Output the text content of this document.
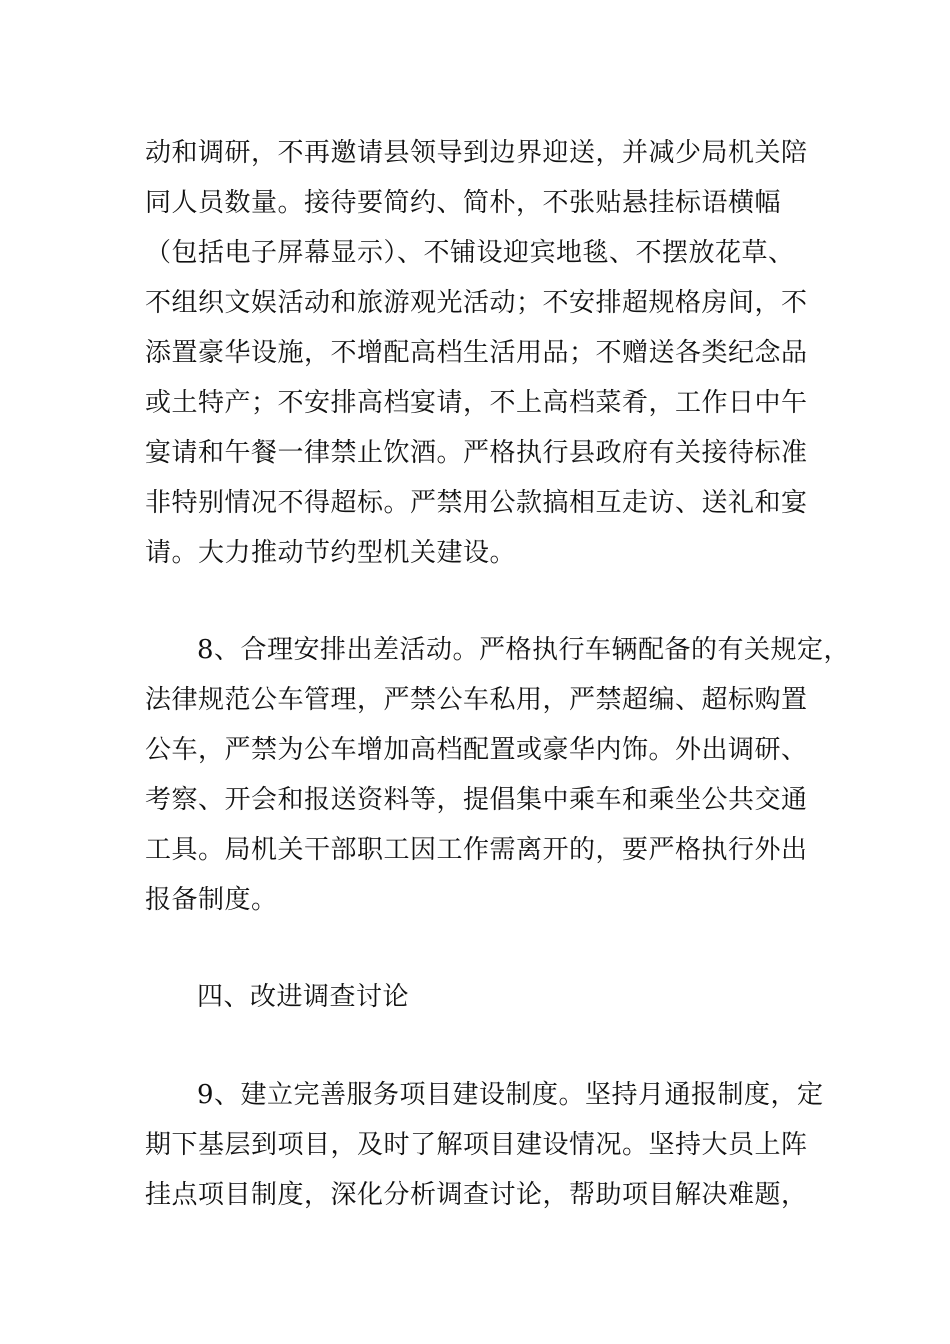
动和调研，不再邀请县领导到边界迎送，并减少局机关陪
同人员数量。接待要简约、简朴，不张贴悬挂标语横幅
（包括电子屏幕显示）、不铺设迎宾地毯、不摆放花草、
不组织文娱活动和旅游观光活动；不安排超规格房间，不
添置豪华设施，不增配高档生活用品；不赠送各类纪念品
或土特产；不安排高档宴请，不上高档菜肴，工作日中午
宴请和午餐一律禁止饮酒。严格执行县政府有关接待标准
非特别情况不得超标。严禁用公款搞相互走访、送礼和宴
请。大力推动节约型机关建设。
8、合理安排出差活动。严格执行车辆配备的有关规定，
法律规范公车管理，严禁公车私用，严禁超编、超标购置
公车，严禁为公车增加高档配置或豪华内饰。外出调研、
考察、开会和报送资料等，提倡集中乘车和乘坐公共交通
工具。局机关干部职工因工作需离开的，要严格执行外出
报备制度。
四、改进调查讨论
9、建立完善服务项目建设制度。坚持月通报制度，定
期下基层到项目，及时了解项目建设情况。坚持大员上阵
挂点项目制度，深化分析调查讨论，帮助项目解决难题，
